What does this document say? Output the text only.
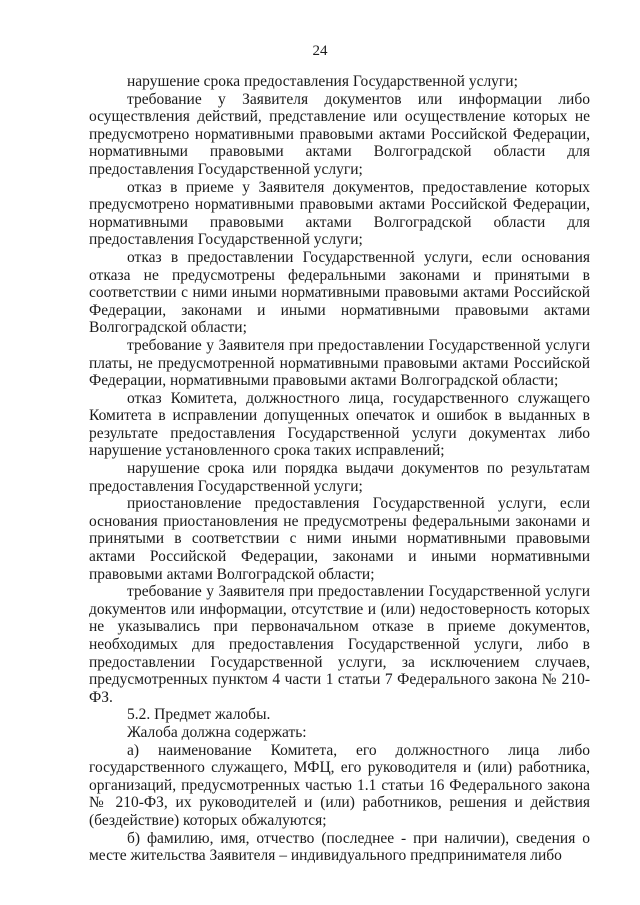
24

нарушение срока предоставления Государственной услуги;

требование у Заявителя документов или информации либо осуществления действий, представление или осуществление которых не предусмотрено нормативными правовыми актами Российской Федерации, нормативными правовыми актами Волгоградской области для предоставления Государственной услуги;

отказ в приеме у Заявителя документов, предоставление которых предусмотрено нормативными правовыми актами Российской Федерации, нормативными правовыми актами Волгоградской области для предоставления Государственной услуги;

отказ в предоставлении Государственной услуги, если основания отказа не предусмотрены федеральными законами и принятыми в соответствии с ними иными нормативными правовыми актами Российской Федерации, законами и иными нормативными правовыми актами Волгоградской области;

требование у Заявителя при предоставлении Государственной услуги платы, не предусмотренной нормативными правовыми актами Российской Федерации, нормативными правовыми актами Волгоградской области;

отказ Комитета, должностного лица, государственного служащего Комитета в исправлении допущенных опечаток и ошибок в выданных в результате предоставления Государственной услуги документах либо нарушение установленного срока таких исправлений;

нарушение срока или порядка выдачи документов по результатам предоставления Государственной услуги;

приостановление предоставления Государственной услуги, если основания приостановления не предусмотрены федеральными законами и принятыми в соответствии с ними иными нормативными правовыми актами Российской Федерации, законами и иными нормативными правовыми актами Волгоградской области;

требование у Заявителя при предоставлении Государственной услуги документов или информации, отсутствие и (или) недостоверность которых не указывались при первоначальном отказе в приеме документов, необходимых для предоставления Государственной услуги, либо в предоставлении Государственной услуги, за исключением случаев, предусмотренных пунктом 4 части 1 статьи 7 Федерального закона № 210-ФЗ.

5.2. Предмет жалобы.

Жалоба должна содержать:

а) наименование Комитета, его должностного лица либо государственного служащего, МФЦ, его руководителя и (или) работника, организаций, предусмотренных частью 1.1 статьи 16 Федерального закона № 210-ФЗ, их руководителей и (или) работников, решения и действия (бездействие) которых обжалуются;

б) фамилию, имя, отчество (последнее - при наличии), сведения о месте жительства Заявителя – индивидуального предпринимателя либо
